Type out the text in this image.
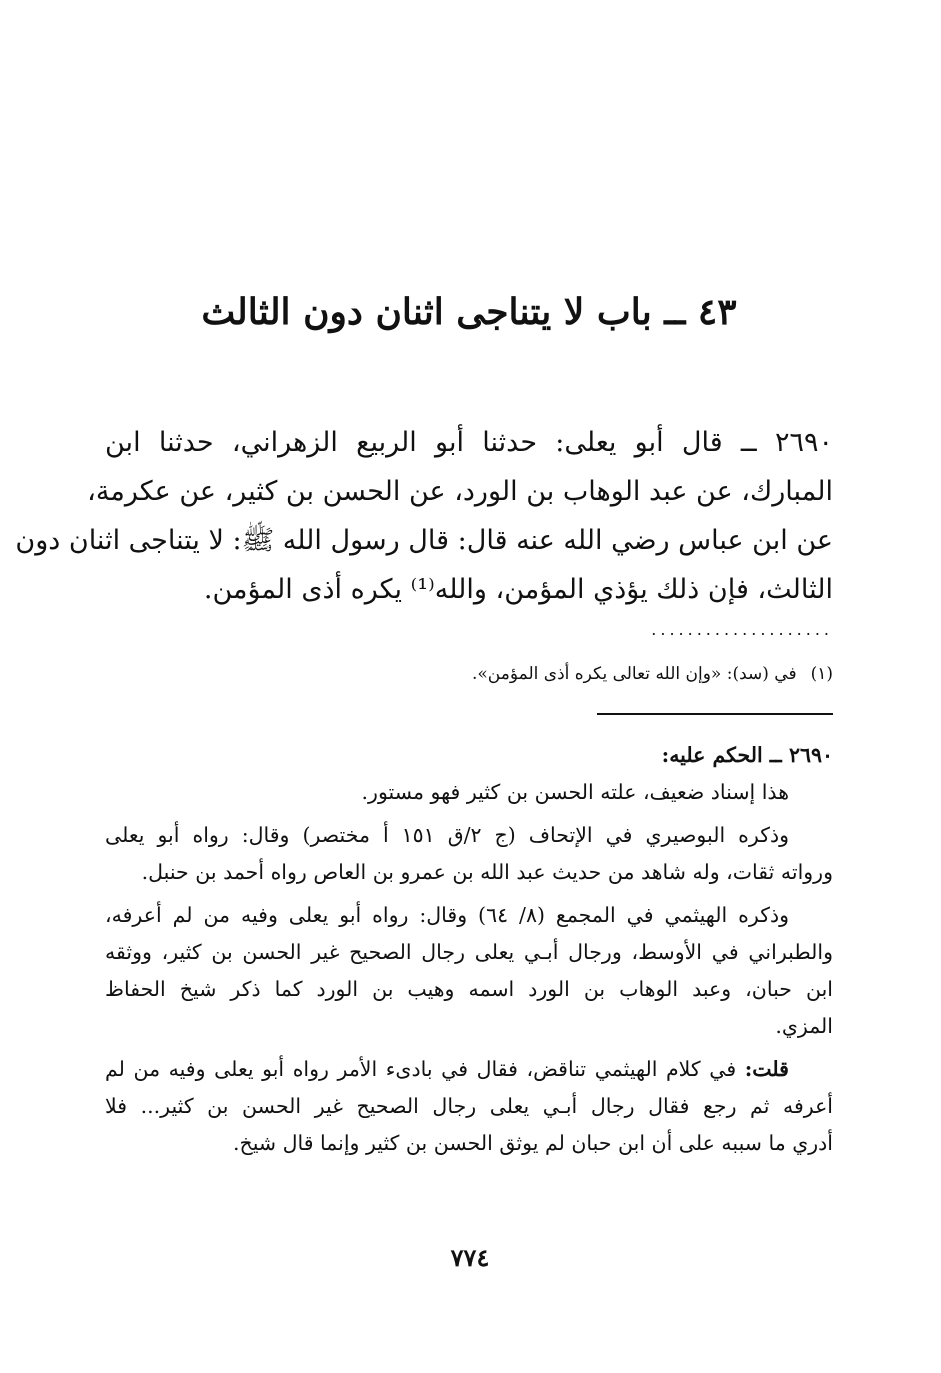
٤٣ ــ باب لا يتناجى اثنان دون الثالث
٢٦٩٠ ــ قال أبو يعلى: حدثنا أبو الربيع الزهراني، حدثنا ابن
المبارك، عن عبد الوهاب بن الورد، عن الحسن بن كثير، عن عكرمة،
عن ابن عباس رضي الله عنه قال: قال رسول الله ﷺ: لا يتناجى اثنان دون
الثالث، فإن ذلك يؤذي المؤمن، والله⁽¹⁾ يكره أذى المؤمن.
....................
(١)في (سد): «وإن الله تعالى يكره أذى المؤمن».
٢٦٩٠ ــ الحكم عليه:
هذا إسناد ضعيف، علته الحسن بن كثير فهو مستور.
وذكره البوصيري في الإتحاف (ج ٢/ق ١٥١ أ مختصر) وقال: رواه أبو يعلى
ورواته ثقات، وله شاهد من حديث عبد الله بن عمرو بن العاص رواه أحمد بن حنبل.
وذكره الهيثمي في المجمع (٨/ ٦٤) وقال: رواه أبو يعلى وفيه من لم أعرفه،
والطبراني في الأوسط، ورجال أبـي يعلى رجال الصحيح غير الحسن بن كثير، ووثقه
ابن حبان، وعبد الوهاب بن الورد اسمه وهيب بن الورد كما ذكر شيخ الحفاظ
المزي.
قلت: في كلام الهيثمي تناقض، فقال في بادىء الأمر رواه أبو يعلى وفيه من لم
أعرفه ثم رجع فقال رجال أبـي يعلى رجال الصحيح غير الحسن بن كثير... فلا
أدري ما سببه على أن ابن حبان لم يوثق الحسن بن كثير وإنما قال شيخ.
٧٧٤
